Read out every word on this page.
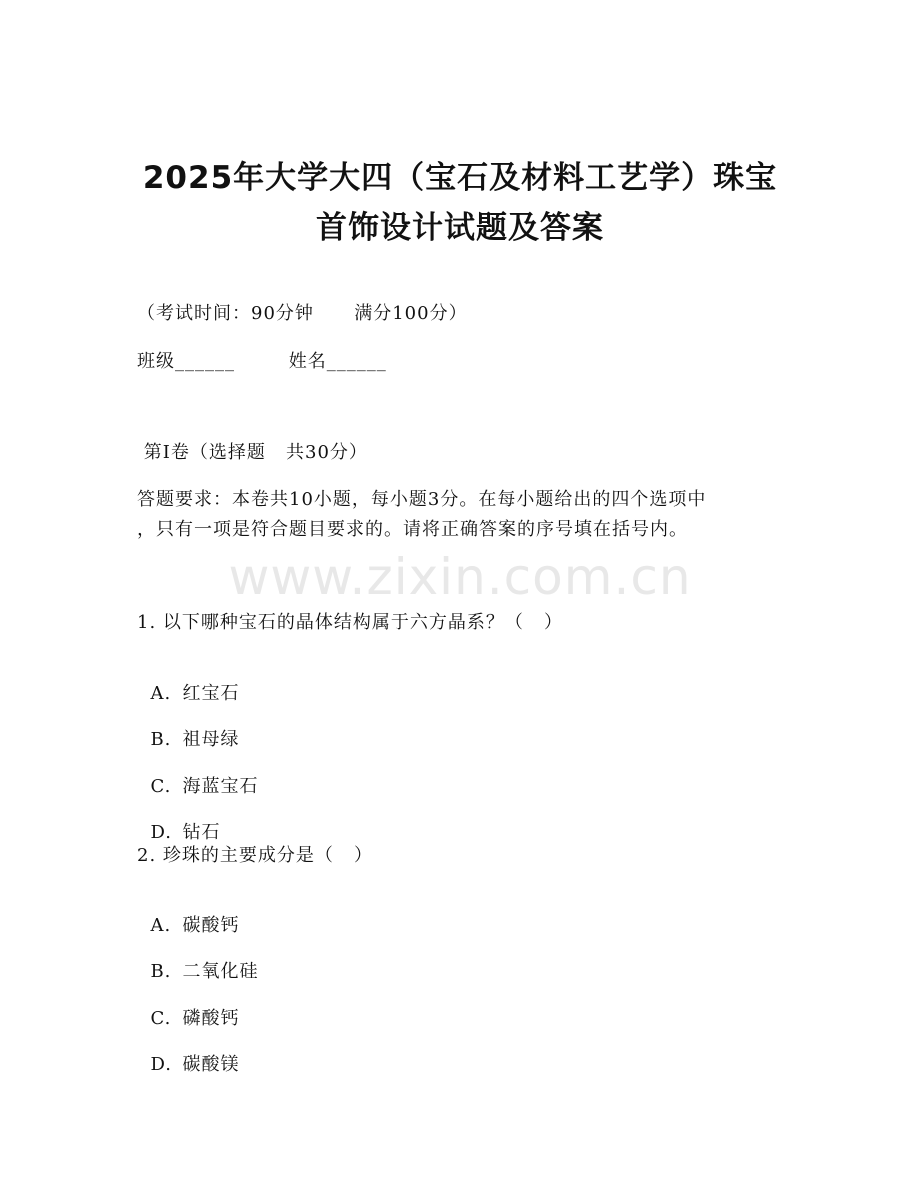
2025年大学大四（宝石及材料工艺学）珠宝
首饰设计试题及答案
（考试时间：90分钟      满分100分）
班级______        姓名______
第I卷（选择题   共30分）
答题要求：本卷共10小题，每小题3分。在每小题给出的四个选项中
，只有一项是符合题目要求的。请将正确答案的序号填在括号内。
www.zixin.com.cn
1. 以下哪种宝石的晶体结构属于六方晶系？（   ）

A. 红宝石

B. 祖母绿

C. 海蓝宝石

D. 钻石

2. 珍珠的主要成分是（   ）

A. 碳酸钙

B. 二氧化硅

C. 磷酸钙

D. 碳酸镁
